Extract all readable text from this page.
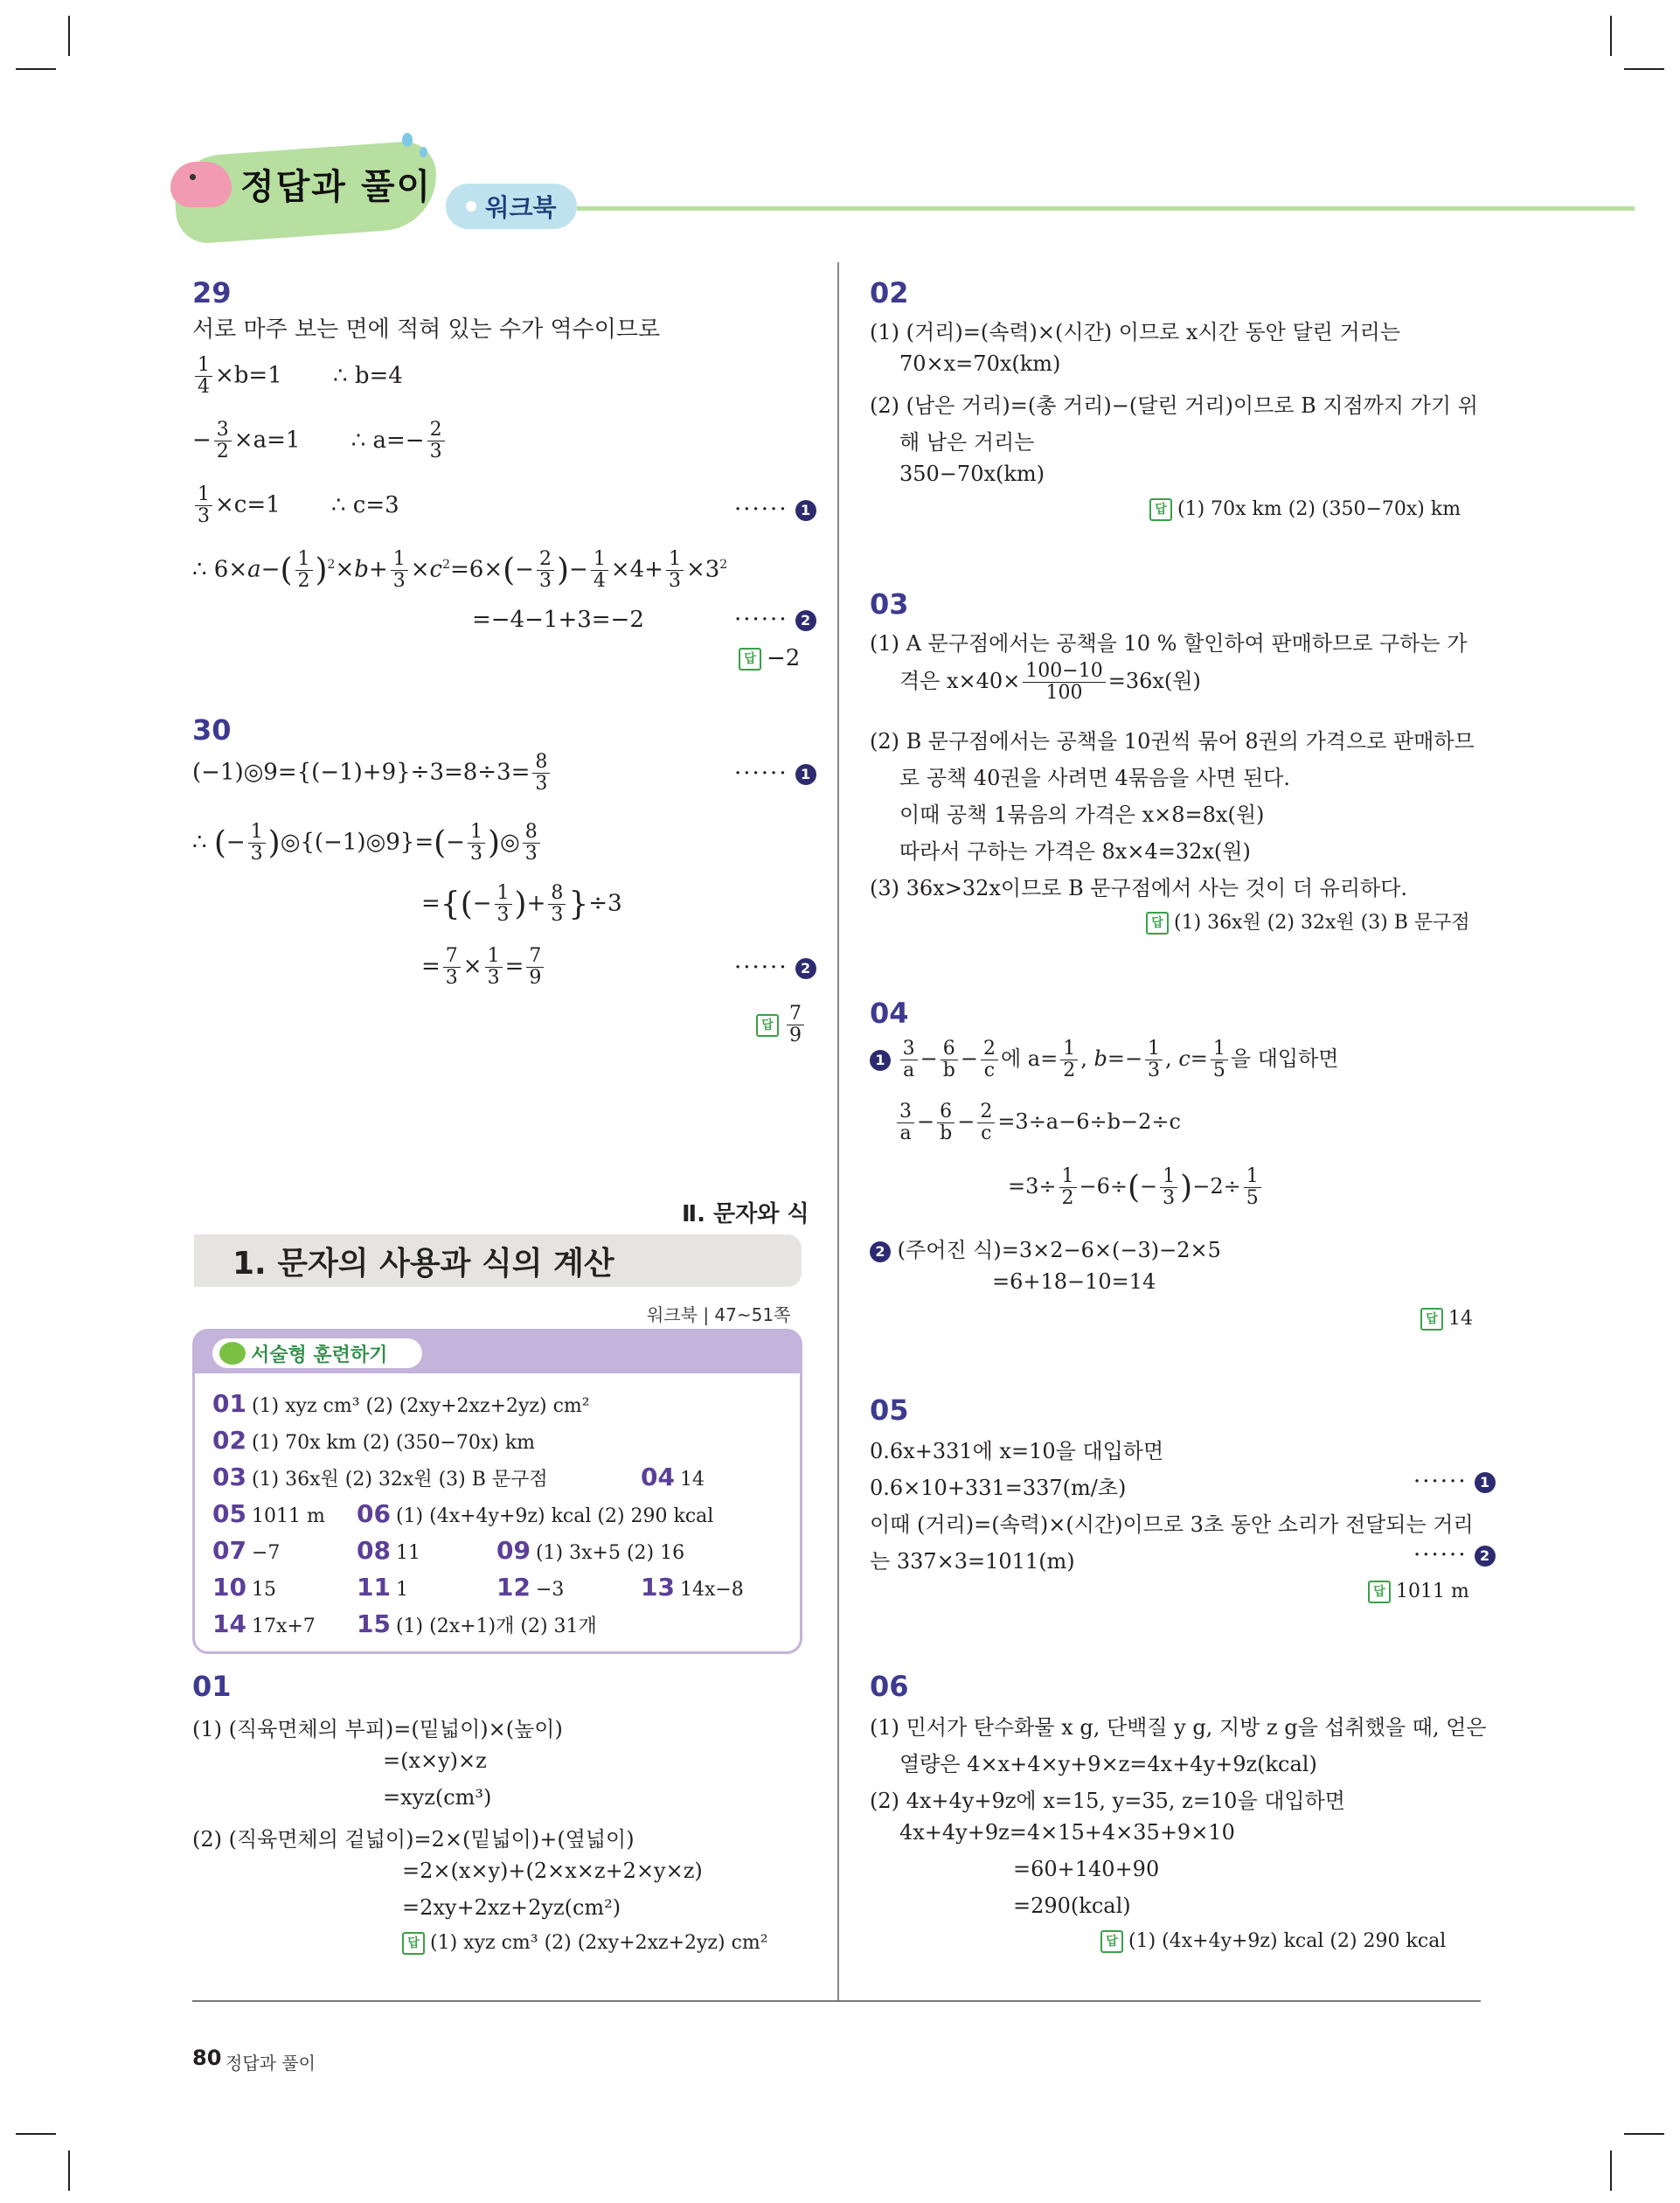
정답과 풀이
워크북
29
서로 마주 보는 면에 적혀 있는 수가 역수이므로
$\frac{1}{4} \times b=1$ ∴ b=4
− $\frac{3}{2} \times a=1$ ∴ $a=- \frac{2}{3}$
$\frac{1}{3} \times c=1$ ∴ c=3	······ 1
∴ $6\times a-( \frac{1}{2} )^2\times b+ \frac{1}{3} \times c^2=6\times(- \frac{2}{3}$ )− $\frac{1}{4} \times 4+ \frac{1}{3} \times 3^2$
=−4−1+3=−2	······ 2
답 −2
30
(−1)◎9={(−1)+9}÷3=8÷3= $\frac{8}{3}$	······ 1
∴ (− $\frac{1}{3}$ )◎{(−1)◎9}=(− $\frac{1}{3}$ )◎ $\frac{8}{3}$
={(− $\frac{1}{3}$ )+ $\frac{8}{3} \}\div 3$
= $\frac{7}{3} \times \frac{1}{3} = \frac{7}{9}$	······ 2
답 $\frac{7}{9}$
Ⅱ. 문자와 식
1. 문자의 사용과 식의 계산
워크북 | 47~51쪽
서술형 훈련하기
01 (1) xyz cm³ (2) (2xy+2xz+2yz) cm²
02 (1) 70x km (2) (350−70x) km
03 (1) 36x원 (2) 32x원 (3) B 문구점	04 14
05 1011 m 06 (1) (4x+4y+9z) kcal (2) 290 kcal
07 −7	08 11	09 (1) 3x+5 (2) 16
10 15	11 1	12 −3	13 14x−8
14 17x+7 15 (1) (2x+1)개 (2) 31개
01
(1) (직육면체의 부피)=(밑넓이)×(높이)
=(x×y)×z
=xyz(cm³)
(2) (직육면체의 겉넓이)=2×(밑넓이)+(옆넓이)
=2×(x×y)+(2×x×z+2×y×z)
=2xy+2xz+2yz(cm²)
답 (1) xyz cm³ (2) (2xy+2xz+2yz) cm²
02
(1) (거리)=(속력)×(시간) 이므로 x시간 동안 달린 거리는
70×x=70x(km)
(2) (남은 거리)=(총 거리)−(달린 거리)이므로 B 지점까지 가기 위
해 남은 거리는
350−70x(km)
답 (1) 70x km (2) (350−70x) km
03
(1) A 문구점에서는 공책을 10 % 할인하여 판매하므로 구하는 가
격은 $x\times 40\times \frac{100-10}{100} =36x$(원)
(2) B 문구점에서는 공책을 10권씩 묶어 8권의 가격으로 판매하므
로 공책 40권을 사려면 4묶음을 사면 된다.
이때 공책 1묶음의 가격은 x×8=8x(원)
따라서 구하는 가격은 8x×4=32x(원)
(3) 36x>32x이므로 B 문구점에서 사는 것이 더 유리하다.
답 (1) 36x원 (2) 32x원 (3) B 문구점
04
$1 \frac{3}{a} - \frac{6}{b} - \frac{2}{c}$ 에 $a= \frac{1}{2}$ , $b=- \frac{1}{3}$ , $c= \frac{1}{5}$ 을 대입하면
$\frac{3}{a} - \frac{6}{b} - \frac{2}{c} =3\div a-6\div b-2\div c$
$=3\div \frac{1}{2} -6\div(- \frac{1}{3} )-2\div \frac{1}{5}$
2 (주어진 식)=3×2−6×(−3)−2×5
=6+18−10=14
답 14
05
0.6x+331에 x=10을 대입하면
0.6×10+331=337(m/초)	······ 1
이때 (거리)=(속력)×(시간)이므로 3초 동안 소리가 전달되는 거리
는 337×3=1011(m)	······ 2
답 1011 m
06
(1) 민서가 탄수화물 x g, 단백질 y g, 지방 z g을 섭취했을 때, 얻은
열량은 4×x+4×y+9×z=4x+4y+9z(kcal)
(2) 4x+4y+9z에 x=15, y=35, z=10을 대입하면
4x+4y+9z=4×15+4×35+9×10
=60+140+90
=290(kcal)
답 (1) (4x+4y+9z) kcal (2) 290 kcal
80 정답과 풀이
